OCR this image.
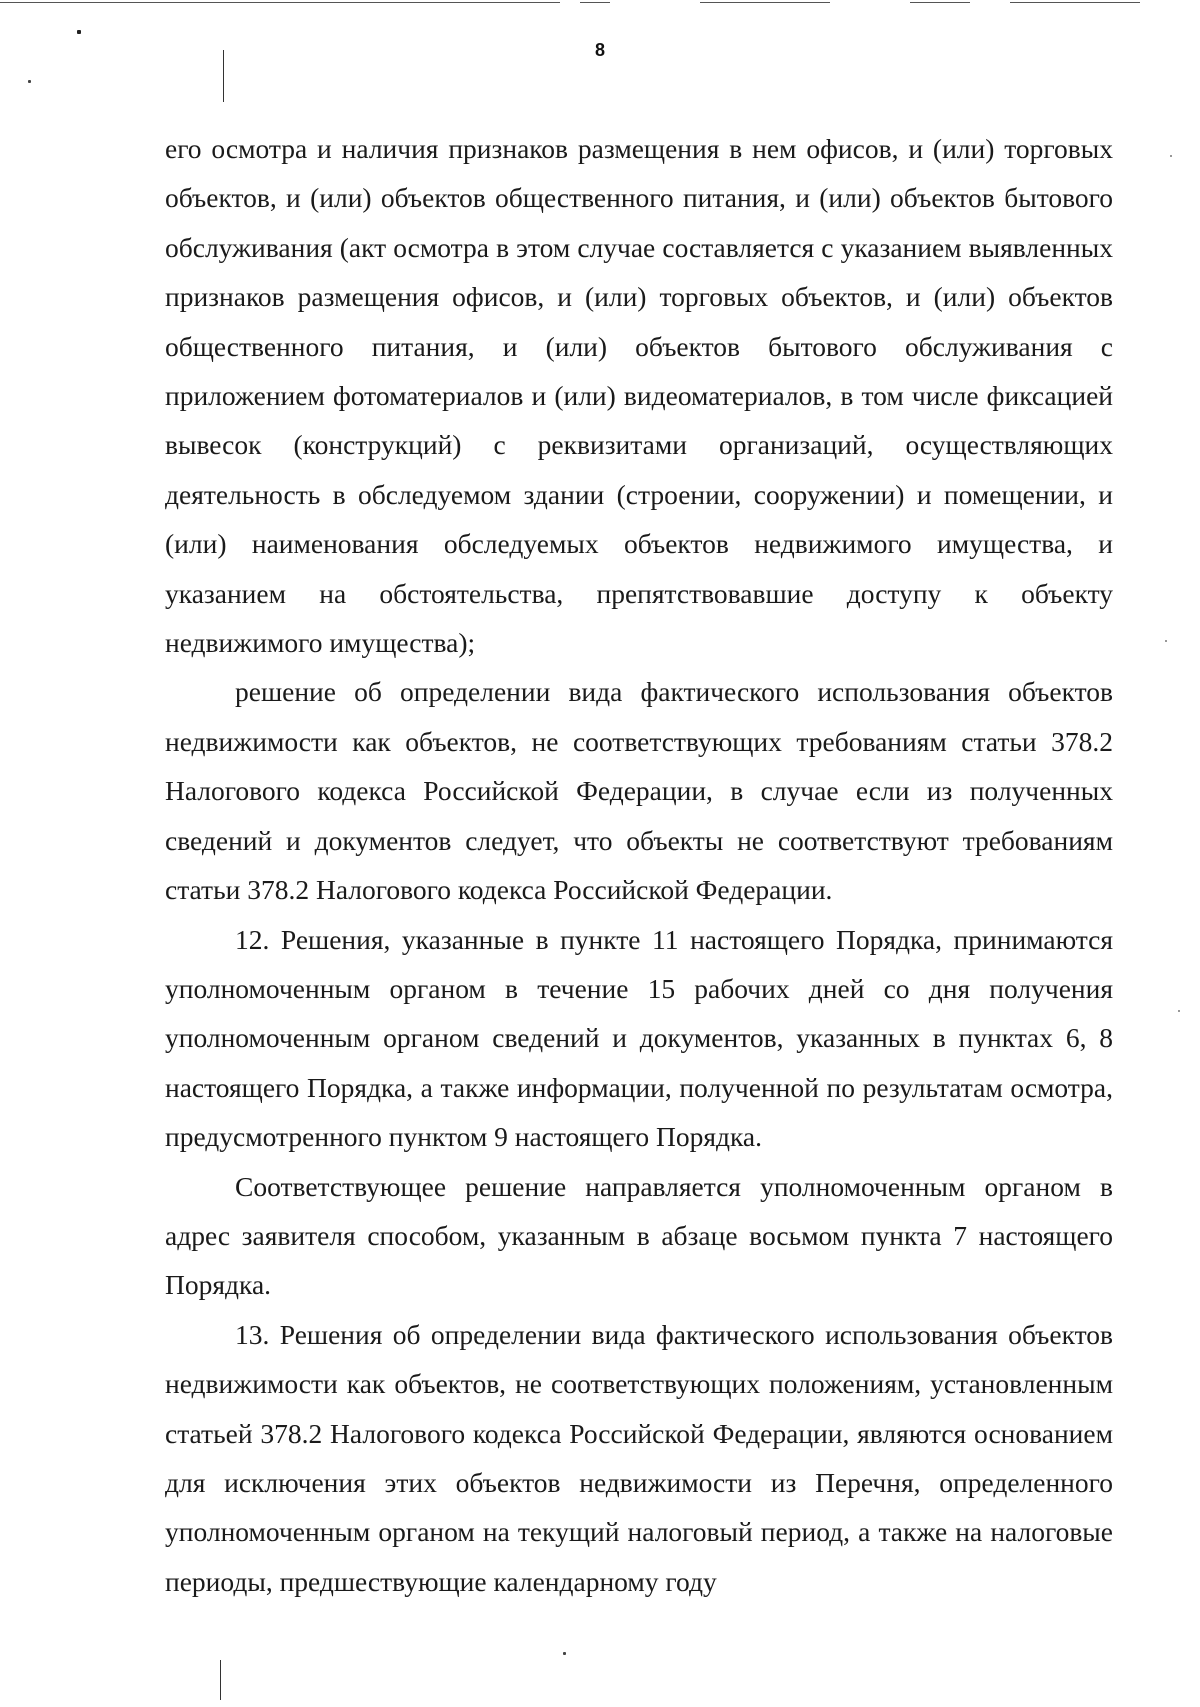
8

его осмотра и наличия признаков размещения в нем офисов, и (или) торговых объектов, и (или) объектов общественного питания, и (или) объектов бытового обслуживания (акт осмотра в этом случае составляется с указанием выявленных признаков размещения офисов, и (или) торговых объектов, и (или) объектов общественного питания, и (или) объектов бытового обслуживания с приложением фотоматериалов и (или) видеоматериалов, в том числе фиксацией вывесок (конструкций) с реквизитами организаций, осуществляющих деятельность в обследуемом здании (строении, сооружении) и помещении, и (или) наименования обследуемых объектов недвижимого имущества, и указанием на обстоятельства, препятствовавшие доступу к объекту недвижимого имущества);

решение об определении вида фактического использования объектов недвижимости как объектов, не соответствующих требованиям статьи 378.2 Налогового кодекса Российской Федерации, в случае если из полученных сведений и документов следует, что объекты не соответствуют требованиям статьи 378.2 Налогового кодекса Российской Федерации.

12. Решения, указанные в пункте 11 настоящего Порядка, принимаются уполномоченным органом в течение 15 рабочих дней со дня получения уполномоченным органом сведений и документов, указанных в пунктах 6, 8 настоящего Порядка, а также информации, полученной по результатам осмотра, предусмотренного пунктом 9 настоящего Порядка.

Соответствующее решение направляется уполномоченным органом в адрес заявителя способом, указанным в абзаце восьмом пункта 7 настоящего Порядка.

13. Решения об определении вида фактического использования объектов недвижимости как объектов, не соответствующих положениям, установленным статьей 378.2 Налогового кодекса Российской Федерации, являются основанием для исключения этих объектов недвижимости из Перечня, определенного уполномоченным органом на текущий налоговый период, а также на налоговые периоды, предшествующие календарному году
